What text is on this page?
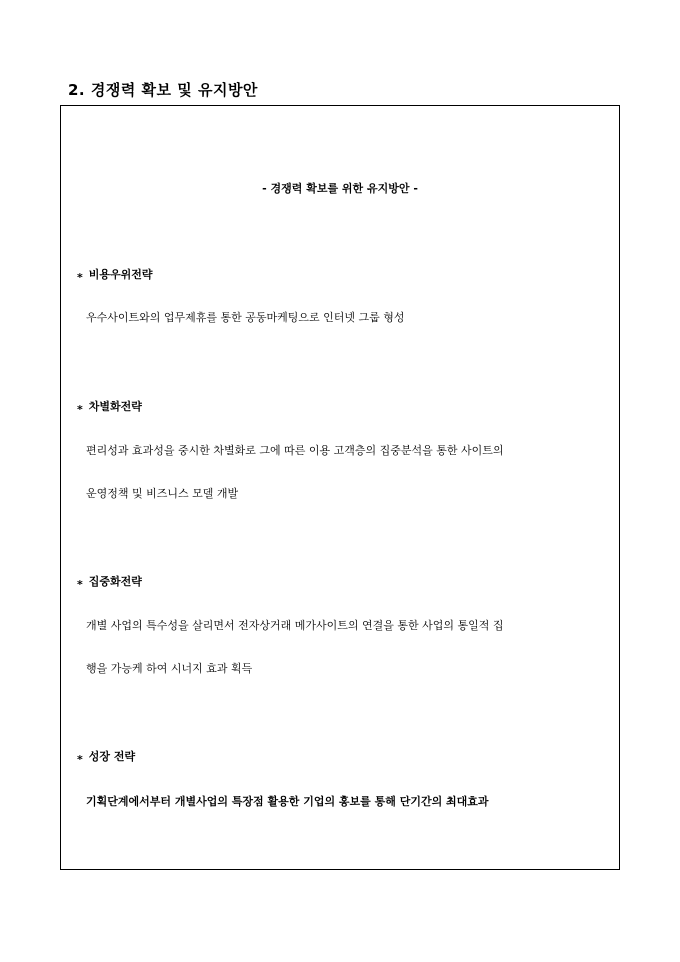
2. 경쟁력 확보 및 유지방안

- 경쟁력 확보를 위한 유지방안 -

⁎ 비용우위전략

우수사이트와의 업무제휴를 통한 공동마케팅으로 인터넷 그룹 형성

⁎ 차별화전략

편리성과 효과성을 중시한 차별화로 그에 따른 이용 고객층의 집중분석을 통한 사이트의

운영정책 및 비즈니스 모델 개발

⁎ 집중화전략

개별 사업의 특수성을 살리면서 전자상거래 메가사이트의 연결을 통한 사업의 통일적 집

행을 가능케 하여 시너지 효과 획득

⁎ 성장 전략

기획단계에서부터 개별사업의 특장점 활용한 기업의 홍보를 통해 단기간의 최대효과
